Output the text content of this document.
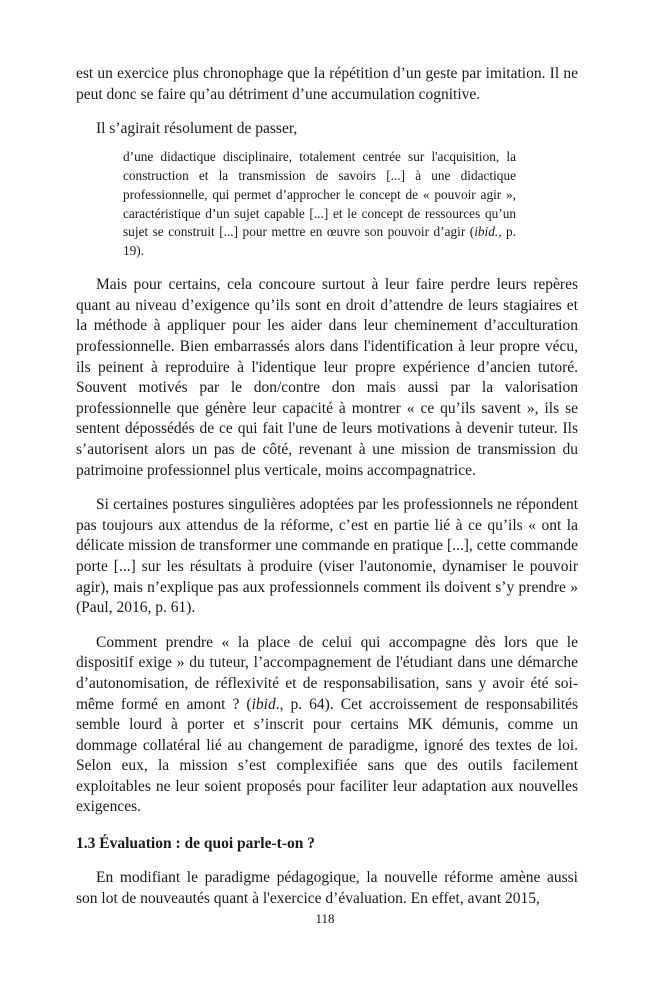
est un exercice plus chronophage que la répétition d’un geste par imitation. Il ne peut donc se faire qu’au détriment d’une accumulation cognitive.

Il s’agirait résolument de passer,

d’une didactique disciplinaire, totalement centrée sur l'acquisition, la construction et la transmission de savoirs [...] à une didactique professionnelle, qui permet d’approcher le concept de « pouvoir agir », caractéristique d’un sujet capable [...] et le concept de ressources qu’un sujet se construit [...] pour mettre en œuvre son pouvoir d’agir (ibid., p. 19).

Mais pour certains, cela concoure surtout à leur faire perdre leurs repères quant au niveau d’exigence qu’ils sont en droit d’attendre de leurs stagiaires et la méthode à appliquer pour les aider dans leur cheminement d’acculturation professionnelle. Bien embarrassés alors dans l'identification à leur propre vécu, ils peinent à reproduire à l'identique leur propre expérience d’ancien tutoré. Souvent motivés par le don/contre don mais aussi par la valorisation professionnelle que génère leur capacité à montrer « ce qu’ils savent », ils se sentent dépossédés de ce qui fait l'une de leurs motivations à devenir tuteur. Ils s’autorisent alors un pas de côté, revenant à une mission de transmission du patrimoine professionnel plus verticale, moins accompagnatrice.

Si certaines postures singulières adoptées par les professionnels ne répondent pas toujours aux attendus de la réforme, c’est en partie lié à ce qu’ils « ont la délicate mission de transformer une commande en pratique [...], cette commande porte [...] sur les résultats à produire (viser l'autonomie, dynamiser le pouvoir agir), mais n’explique pas aux professionnels comment ils doivent s’y prendre » (Paul, 2016, p. 61).

Comment prendre « la place de celui qui accompagne dès lors que le dispositif exige » du tuteur, l’accompagnement de l'étudiant dans une démarche d’autonomisation, de réflexivité et de responsabilisation, sans y avoir été soi-même formé en amont ? (ibid., p. 64). Cet accroissement de responsabilités semble lourd à porter et s’inscrit pour certains MK démunis, comme un dommage collatéral lié au changement de paradigme, ignoré des textes de loi. Selon eux, la mission s’est complexifiée sans que des outils facilement exploitables ne leur soient proposés pour faciliter leur adaptation aux nouvelles exigences.

1.3 Évaluation : de quoi parle-t-on ?

En modifiant le paradigme pédagogique, la nouvelle réforme amène aussi son lot de nouveautés quant à l'exercice d’évaluation. En effet, avant 2015,

118
